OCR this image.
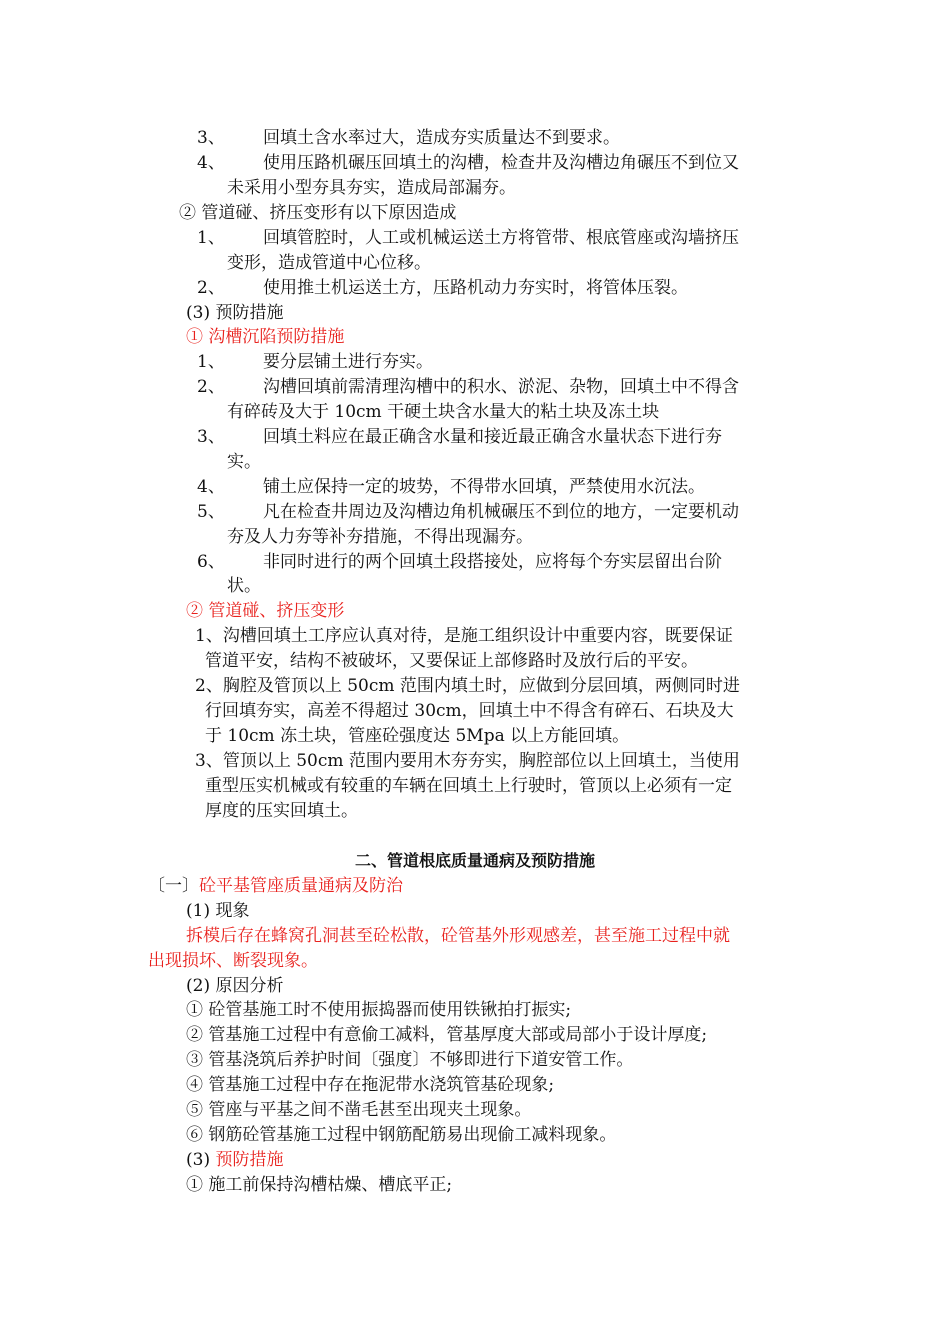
3、 回填土含水率过大，造成夯实质量达不到要求。
4、 使用压路机碾压回填土的沟槽，检查井及沟槽边角碾压不到位又
未采用小型夯具夯实，造成局部漏夯。
② 管道碰、挤压变形有以下原因造成
1、 回填管腔时，人工或机械运送土方将管带、根底管座或沟墙挤压
变形，造成管道中心位移。
2、 使用推土机运送土方，压路机动力夯实时，将管体压裂。
(3) 预防措施
① 沟槽沉陷预防措施
1、 要分层铺土进行夯实。
2、 沟槽回填前需清理沟槽中的积水、淤泥、杂物，回填土中不得含
有碎砖及大于 10cm 干硬土块含水量大的粘土块及冻土块
3、 回填土料应在最正确含水量和接近最正确含水量状态下进行夯
实。
4、 铺土应保持一定的坡势，不得带水回填，严禁使用水沉法。
5、 凡在检查井周边及沟槽边角机械碾压不到位的地方，一定要机动
夯及人力夯等补夯措施，不得出现漏夯。
6、 非同时进行的两个回填土段搭接处，应将每个夯实层留出台阶
状。
② 管道碰、挤压变形
1、沟槽回填土工序应认真对待，是施工组织设计中重要内容，既要保证
管道平安，结构不被破坏，又要保证上部修路时及放行后的平安。
2、胸腔及管顶以上 50cm 范围内填土时，应做到分层回填，两侧同时进
行回填夯实，高差不得超过 30cm，回填土中不得含有碎石、石块及大
于 10cm 冻土块，管座砼强度达 5Mpa 以上方能回填。
3、管顶以上 50cm 范围内要用木夯夯实，胸腔部位以上回填土，当使用
重型压实机械或有较重的车辆在回填土上行驶时，管顶以上必须有一定
厚度的压实回填土。
二、管道根底质量通病及预防措施
〔一〕砼平基管座质量通病及防治
(1) 现象
拆模后存在蜂窝孔洞甚至砼松散，砼管基外形观感差，甚至施工过程中就
出现损坏、断裂现象。
(2) 原因分析
① 砼管基施工时不使用振捣器而使用铁锹拍打振实;
② 管基施工过程中有意偷工减料，管基厚度大部或局部小于设计厚度;
③ 管基浇筑后养护时间〔强度〕不够即进行下道安管工作。
④ 管基施工过程中存在拖泥带水浇筑管基砼现象;
⑤ 管座与平基之间不凿毛甚至出现夹土现象。
⑥ 钢筋砼管基施工过程中钢筋配筋易出现偷工减料现象。
(3) 预防措施
① 施工前保持沟槽枯燥、槽底平正;
